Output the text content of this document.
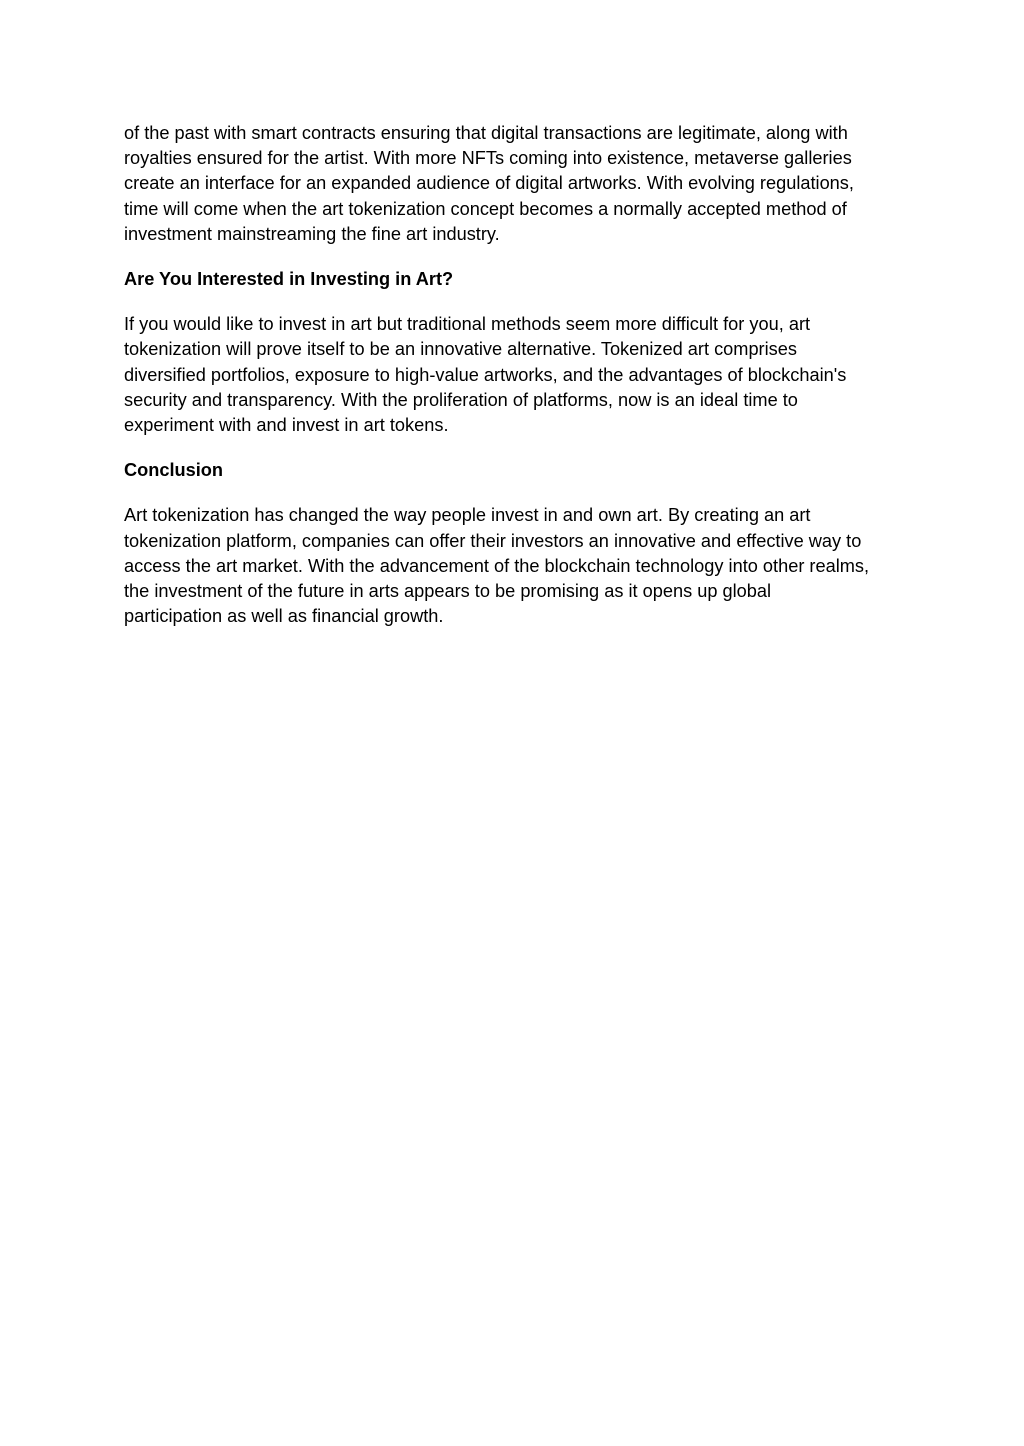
of the past with smart contracts ensuring that digital transactions are legitimate, along with
royalties ensured for the artist. With more NFTs coming into existence, metaverse galleries
create an interface for an expanded audience of digital artworks. With evolving regulations,
time will come when the art tokenization concept becomes a normally accepted method of
investment mainstreaming the fine art industry.

Are You Interested in Investing in Art?

If you would like to invest in art but traditional methods seem more difficult for you, art
tokenization will prove itself to be an innovative alternative. Tokenized art comprises
diversified portfolios, exposure to high-value artworks, and the advantages of blockchain's
security and transparency. With the proliferation of platforms, now is an ideal time to
experiment with and invest in art tokens.

Conclusion

Art tokenization has changed the way people invest in and own art. By creating an art
tokenization platform, companies can offer their investors an innovative and effective way to
access the art market. With the advancement of the blockchain technology into other realms,
the investment of the future in arts appears to be promising as it opens up global
participation as well as financial growth.
